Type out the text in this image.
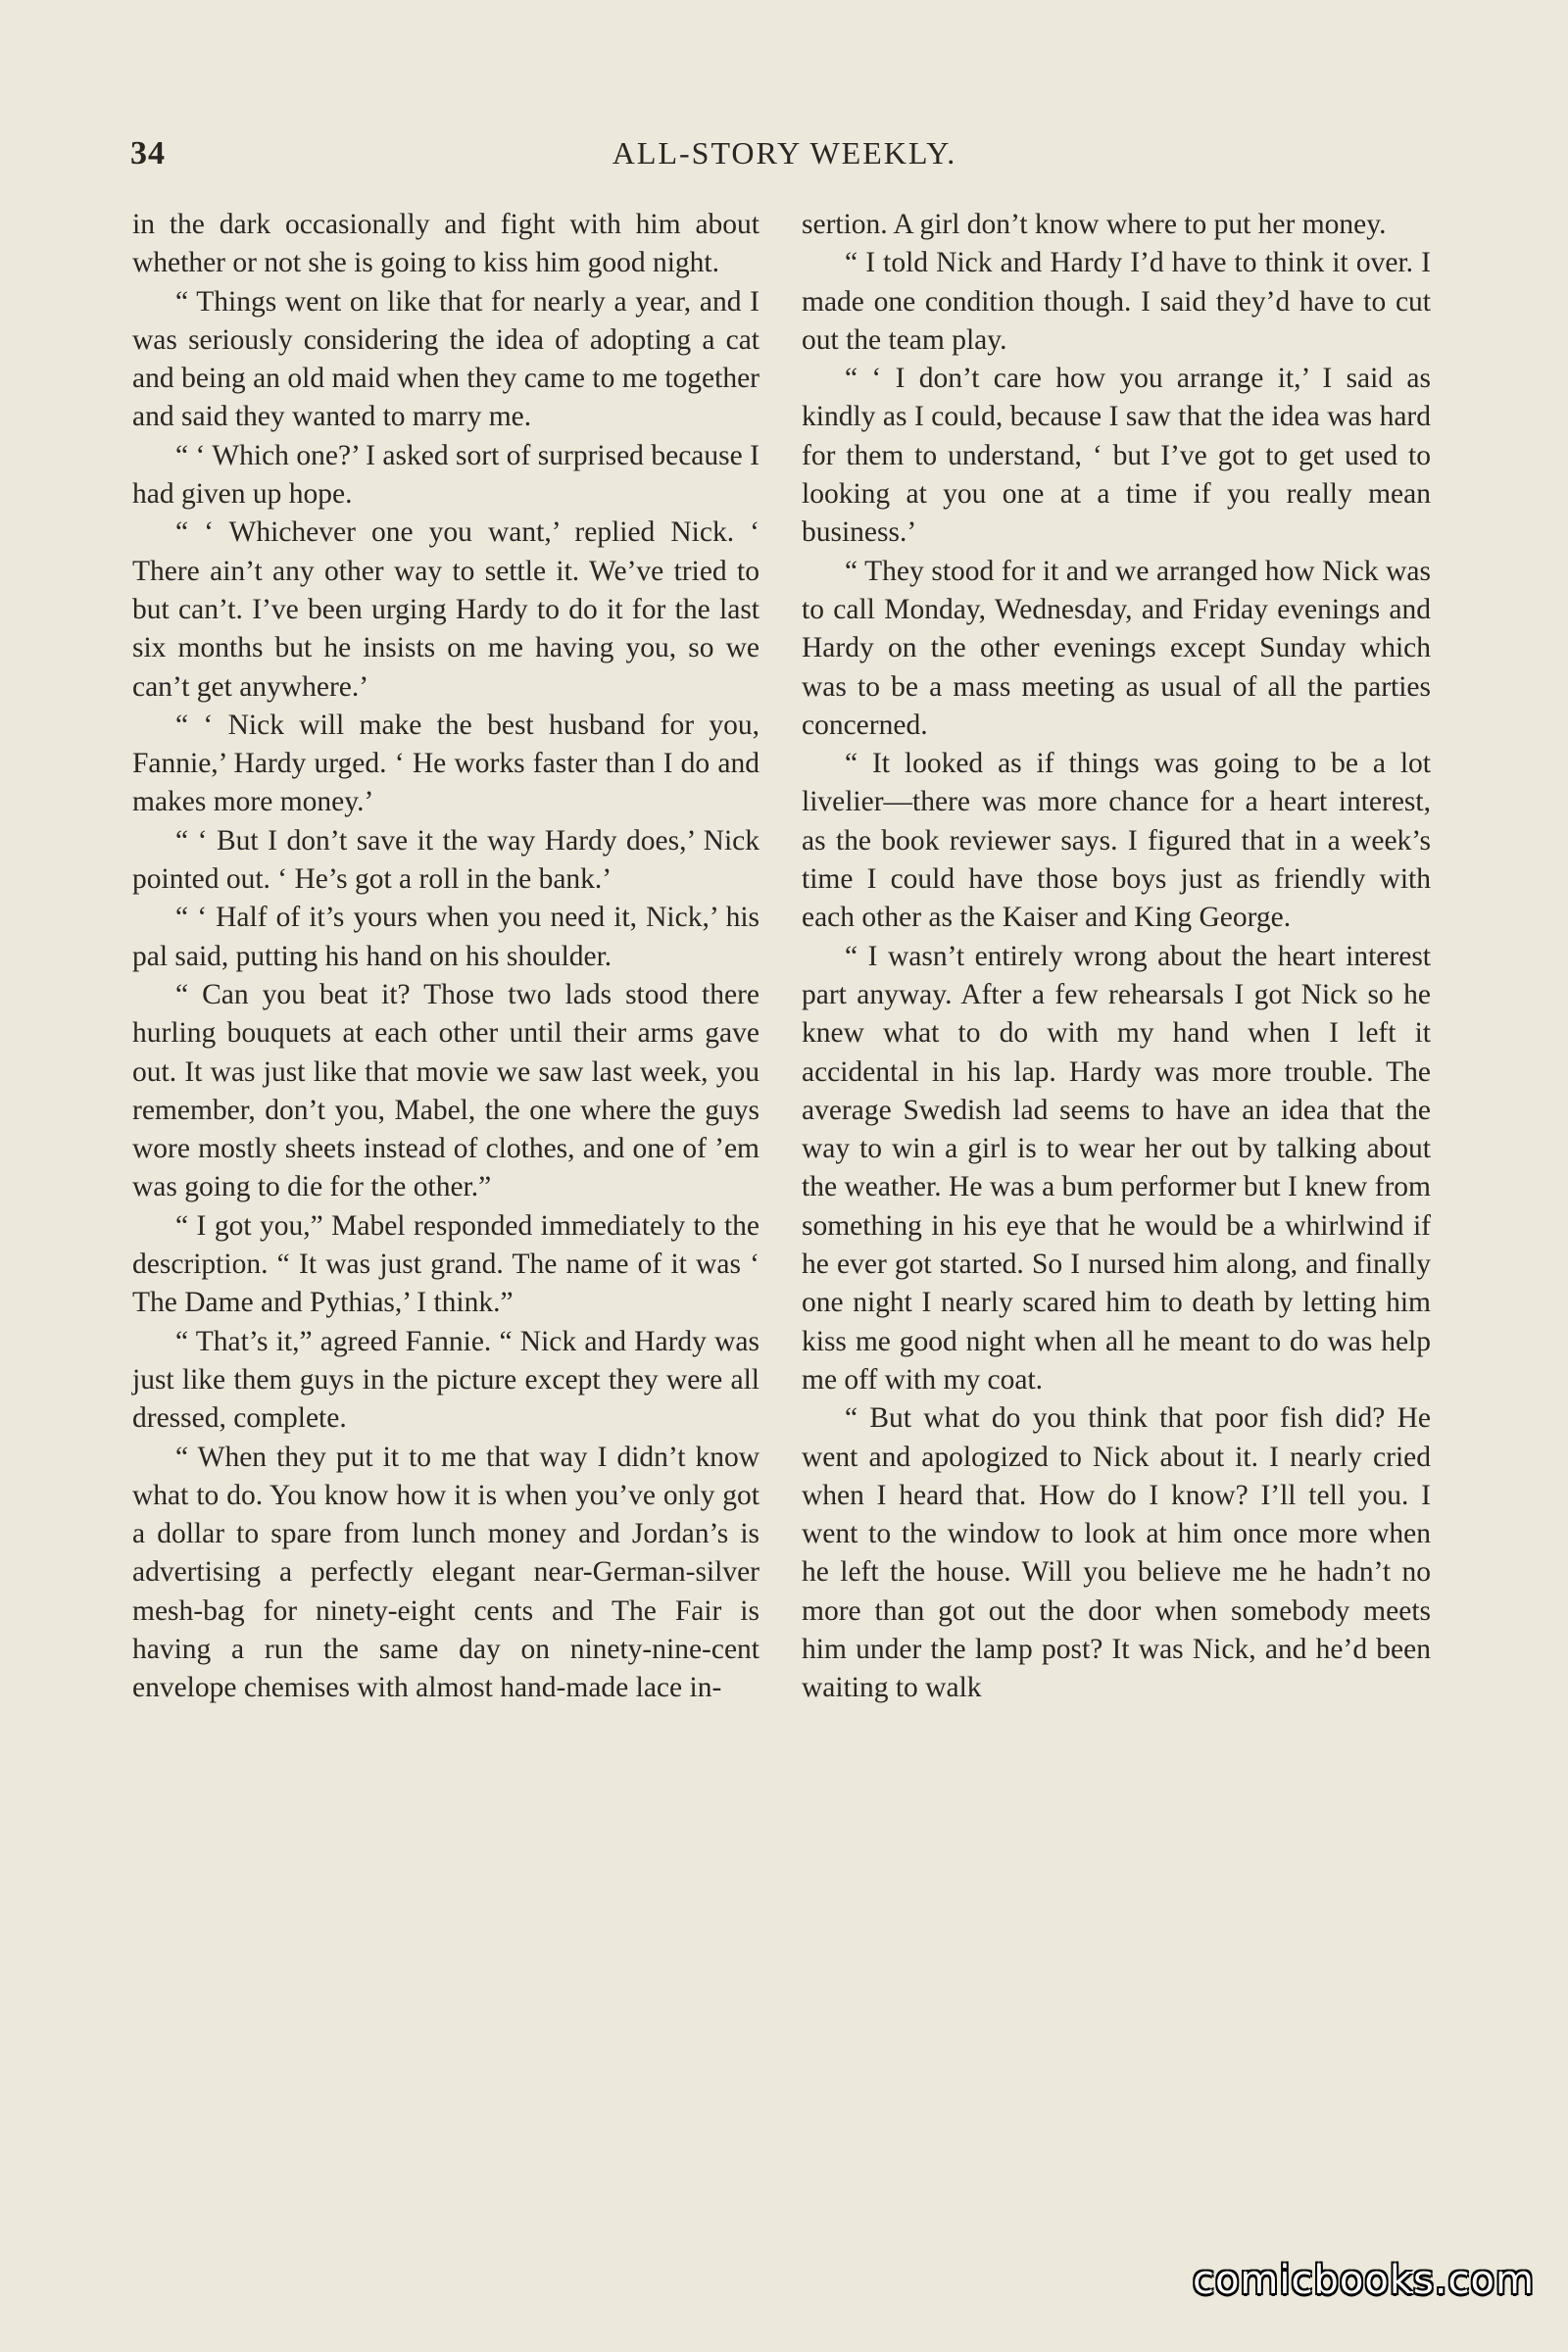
34	ALL-STORY WEEKLY.

in the dark occasionally and fight with him about whether or not she is going to kiss him good night.

“ Things went on like that for nearly a year, and I was seriously considering the idea of adopting a cat and being an old maid when they came to me together and said they wanted to marry me.

“ ‘ Which one?’ I asked sort of surprised because I had given up hope.

“ ‘ Whichever one you want,’ replied Nick. ‘ There ain’t any other way to settle it. We’ve tried to but can’t. I’ve been urging Hardy to do it for the last six months but he insists on me having you, so we can’t get anywhere.’

“ ‘ Nick will make the best husband for you, Fannie,’ Hardy urged. ‘ He works faster than I do and makes more money.’

“ ‘ But I don’t save it the way Hardy does,’ Nick pointed out. ‘ He’s got a roll in the bank.’

“ ‘ Half of it’s yours when you need it, Nick,’ his pal said, putting his hand on his shoulder.

“ Can you beat it? Those two lads stood there hurling bouquets at each other until their arms gave out. It was just like that movie we saw last week, you remember, don’t you, Mabel, the one where the guys wore mostly sheets instead of clothes, and one of ’em was going to die for the other.”

“ I got you,” Mabel responded immediately to the description. “ It was just grand. The name of it was ‘ The Dame and Pythias,’ I think.”

“ That’s it,” agreed Fannie. “ Nick and Hardy was just like them guys in the picture except they were all dressed, complete.

“ When they put it to me that way I didn’t know what to do. You know how it is when you’ve only got a dollar to spare from lunch money and Jordan’s is advertising a perfectly elegant near-German-silver mesh-bag for ninety-eight cents and The Fair is having a run the same day on ninety-nine-cent envelope chemises with almost hand-made lace in-

sertion. A girl don’t know where to put her money.

“ I told Nick and Hardy I’d have to think it over. I made one condition though. I said they’d have to cut out the team play.

“ ‘ I don’t care how you arrange it,’ I said as kindly as I could, because I saw that the idea was hard for them to understand, ‘ but I’ve got to get used to looking at you one at a time if you really mean business.’

“ They stood for it and we arranged how Nick was to call Monday, Wednesday, and Friday evenings and Hardy on the other evenings except Sunday which was to be a mass meeting as usual of all the parties concerned.

“ It looked as if things was going to be a lot livelier—there was more chance for a heart interest, as the book reviewer says. I figured that in a week’s time I could have those boys just as friendly with each other as the Kaiser and King George.

“ I wasn’t entirely wrong about the heart interest part anyway. After a few rehearsals I got Nick so he knew what to do with my hand when I left it accidental in his lap. Hardy was more trouble. The average Swedish lad seems to have an idea that the way to win a girl is to wear her out by talking about the weather. He was a bum performer but I knew from something in his eye that he would be a whirlwind if he ever got started. So I nursed him along, and finally one night I nearly scared him to death by letting him kiss me good night when all he meant to do was help me off with my coat.

“ But what do you think that poor fish did? He went and apologized to Nick about it. I nearly cried when I heard that. How do I know? I’ll tell you. I went to the window to look at him once more when he left the house. Will you believe me he hadn’t no more than got out the door when somebody meets him under the lamp post? It was Nick, and he’d been waiting to walk

comicbooks.com
